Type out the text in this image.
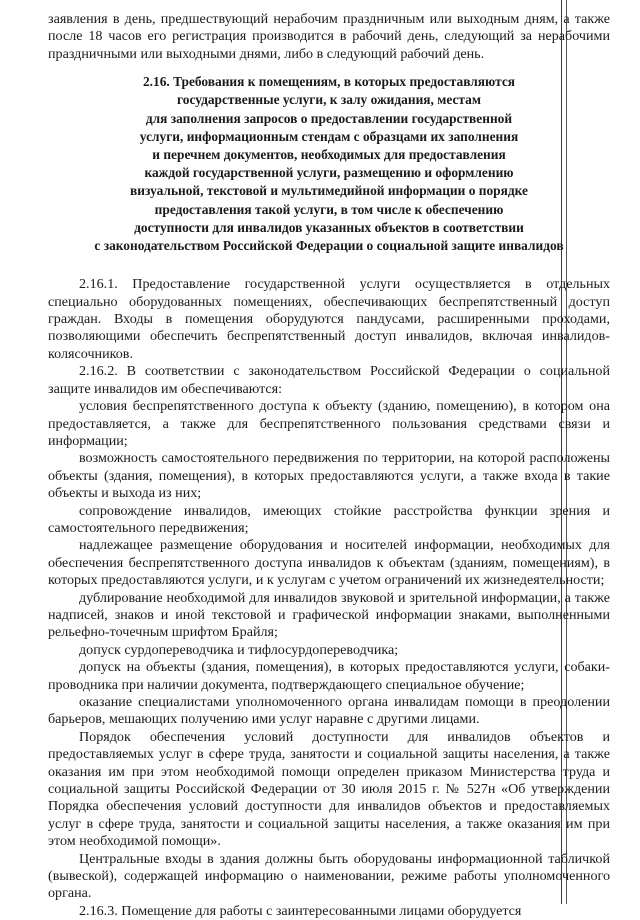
заявления в день, предшествующий нерабочим праздничным или выходным дням, а также после 18 часов его регистрация производится в рабочий день, следующий за нерабочими праздничными или выходными днями, либо в следующий рабочий день.

2.16. Требования к помещениям, в которых предоставляются
государственные услуги, к залу ожидания, местам
для заполнения запросов о предоставлении государственной
услуги, информационным стендам с образцами их заполнения
и перечнем документов, необходимых для предоставления
каждой государственной услуги, размещению и оформлению
визуальной, текстовой и мультимедийной информации о порядке
предоставления такой услуги, в том числе к обеспечению
доступности для инвалидов указанных объектов в соответствии
с законодательством Российской Федерации о социальной защите инвалидов

2.16.1. Предоставление государственной услуги осуществляется в отдельных специально оборудованных помещениях, обеспечивающих беспрепятственный доступ граждан. Входы в помещения оборудуются пандусами, расширенными проходами, позволяющими обеспечить беспрепятственный доступ инвалидов, включая инвалидов-колясочников.

2.16.2. В соответствии с законодательством Российской Федерации о социальной защите инвалидов им обеспечиваются:

условия беспрепятственного доступа к объекту (зданию, помещению), в котором она предоставляется, а также для беспрепятственного пользования средствами связи и информации;

возможность самостоятельного передвижения по территории, на которой расположены объекты (здания, помещения), в которых предоставляются услуги, а также входа в такие объекты и выхода из них;

сопровождение инвалидов, имеющих стойкие расстройства функции зрения и самостоятельного передвижения;

надлежащее размещение оборудования и носителей информации, необходимых для обеспечения беспрепятственного доступа инвалидов к объектам (зданиям, помещениям), в которых предоставляются услуги, и к услугам с учетом ограничений их жизнедеятельности;

дублирование необходимой для инвалидов звуковой и зрительной информации, а также надписей, знаков и иной текстовой и графической информации знаками, выполненными рельефно-точечным шрифтом Брайля;

допуск сурдопереводчика и тифлосурдопереводчика;

допуск на объекты (здания, помещения), в которых предоставляются услуги, собаки-проводника при наличии документа, подтверждающего специальное обучение;

оказание специалистами уполномоченного органа инвалидам помощи в преодолении барьеров, мешающих получению ими услуг наравне с другими лицами.

Порядок обеспечения условий доступности для инвалидов объектов и предоставляемых услуг в сфере труда, занятости и социальной защиты населения, а также оказания им при этом необходимой помощи определен приказом Министерства труда и социальной защиты Российской Федерации от 30 июля 2015 г. № 527н «Об утверждении Порядка обеспечения условий доступности для инвалидов объектов и предоставляемых услуг в сфере труда, занятости и социальной защиты населения, а также оказания им при этом необходимой помощи».

Центральные входы в здания должны быть оборудованы информационной табличкой (вывеской), содержащей информацию о наименовании, режиме работы уполномоченного органа.

2.16.3. Помещение для работы с заинтересованными лицами оборудуется
